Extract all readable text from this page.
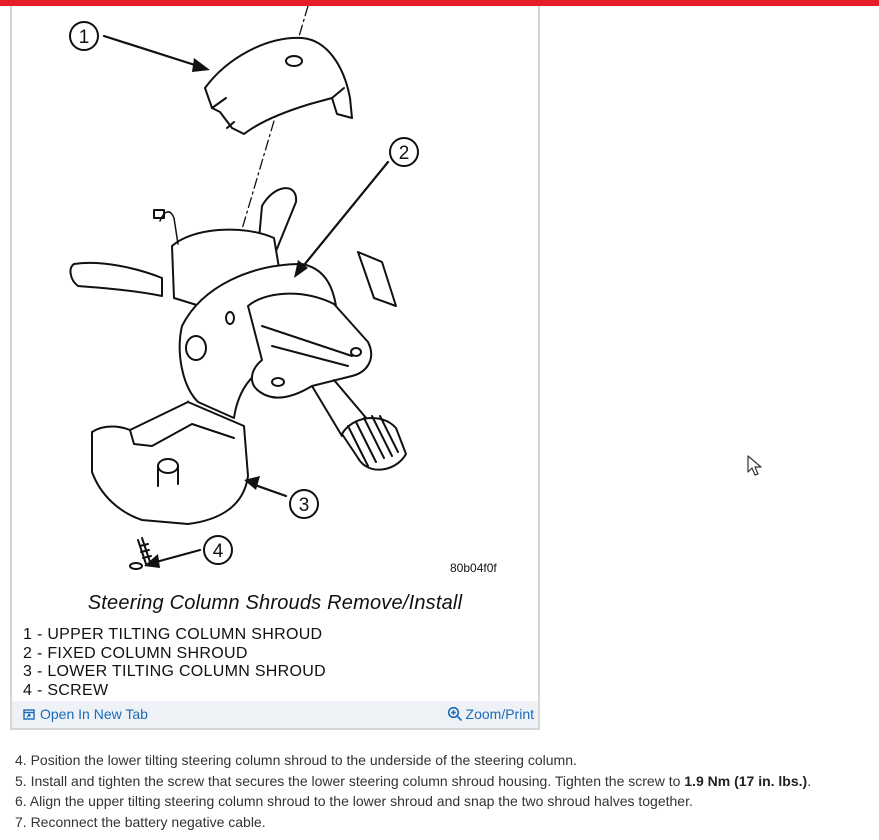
1
2
3
4
80b04f0f
Steering Column Shrouds Remove/Install
1 - UPPER TILTING COLUMN SHROUD
2 - FIXED COLUMN SHROUD
3 - LOWER TILTING COLUMN SHROUD
4 - SCREW
Open In New Tab	Zoom/Print
4. Position the lower tilting steering column shroud to the underside of the steering column.
5. Install and tighten the screw that secures the lower steering column shroud housing. Tighten the screw to 1.9 Nm (17 in. lbs.).
6. Align the upper tilting steering column shroud to the lower shroud and snap the two shroud halves together.
7. Reconnect the battery negative cable.
